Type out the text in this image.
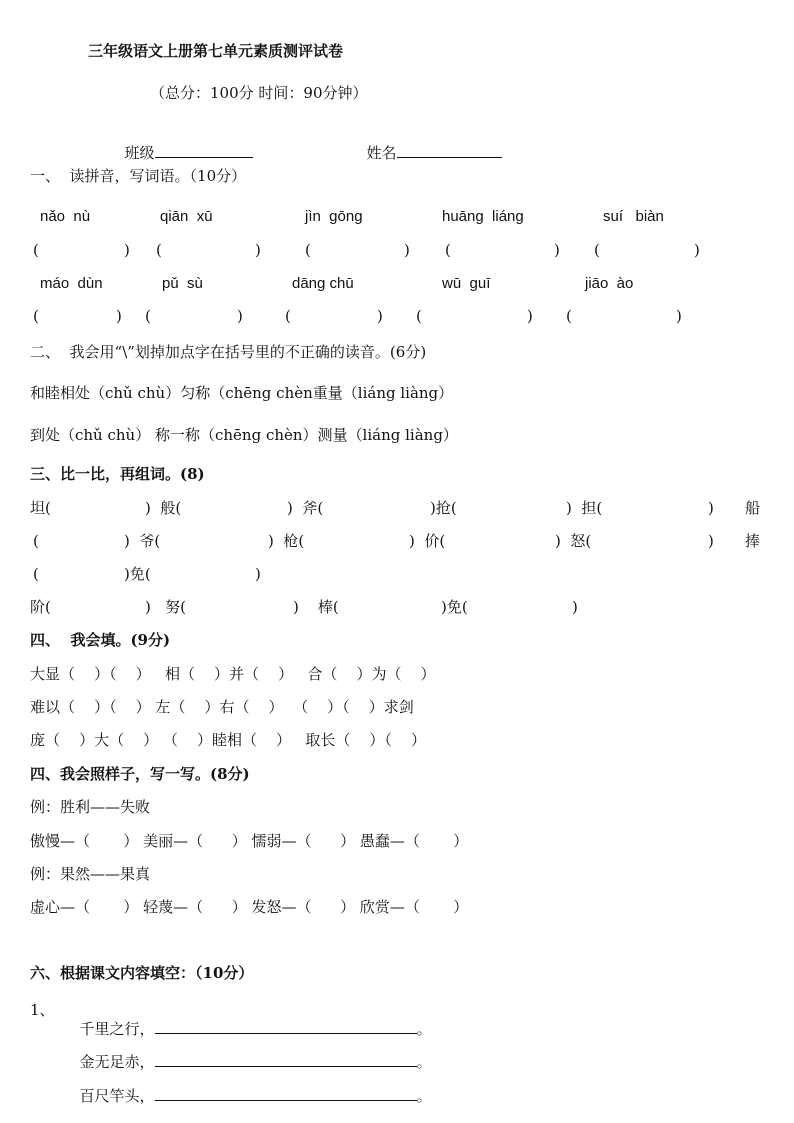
三年级语文上册第七单元素质测评试卷
（总分：100分 时间：90分钟）

班级	姓名

一、  读拼音，写词语。（10分）
nǎo  nù	qiān  xū	jìn  gōng	huāng  liáng	suí   biàn
(	) (	)	(	) (	) (	)
máo  dùn	pǔ  sù	dāng chū	wū  guī	jiāo  ào
(	) (	)	(	) (	) (	)
二、  我会用“\”划掉加点字在括号里的不正确的读音。(6分)
和睦相处（chǔ chù）匀称（chēng chèn重量（liáng liàng）
到处（chǔ chù） 称一称（chēng chèn）测量（liáng liàng）
三、比一比，再组词。(8)
坦(	)  般(	)  斧(	)抢(	)  担(	) 船
(	)  爷(	)  枪(	)  价(	)  怒(	) 捧
(	)免(	)
阶(	)   努(	)    棒(	)免(	)
四、  我会填。(9分)
大显（    ）（    ）   相（    ）并（    ）   合（    ）为（    ）
难以（    ）（    ） 左（    ）右（    ）  （    ）（    ）求剑
庞（    ）大（    ） （    ）睦相（    ）   取长（    ）（    ）
四、我会照样子，写一写。(8分)
例：胜利——失败
傲慢—（       ） 美丽—（      ） 懦弱—（      ） 愚蠢—（       ）
例：果然——果真
虚心—（       ） 轻蔑—（      ） 发怒—（      ） 欣赏—（       ）
六、根据课文内容填空：（10分）
1、

千里之行，	。

金无足赤，	。

百尺竿头，	。
